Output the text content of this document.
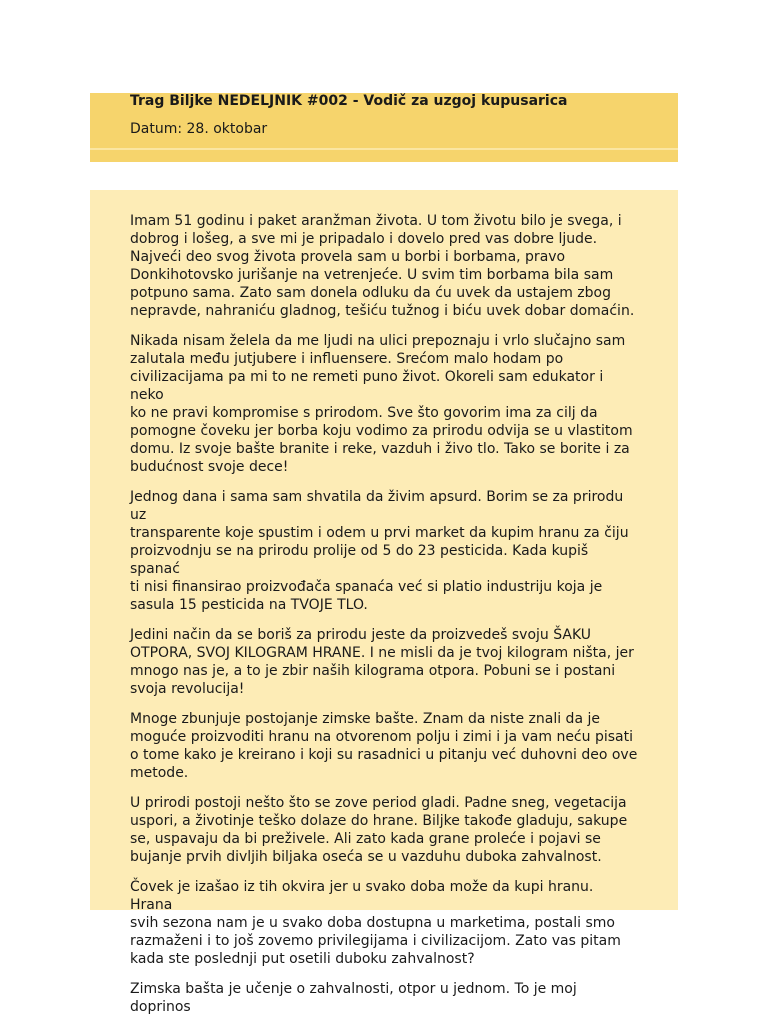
Trag Biljke NEDELJNIK #002 - Vodič za uzgoj kupusarica

Datum: 28. oktobar

Imam 51 godinu i paket aranžman života. U tom životu bilo je svega, i
dobrog i lošeg, a sve mi je pripadalo i dovelo pred vas dobre ljude.
Najveći deo svog života provela sam u borbi i borbama, pravo
Donkihotovsko jurišanje na vetrenjeće. U svim tim borbama bila sam
potpuno sama. Zato sam donela odluku da ću uvek da ustajem zbog
nepravde, nahraniću gladnog, tešiću tužnog i biću uvek dobar domaćin.

Nikada nisam želela da me ljudi na ulici prepoznaju i vrlo slučajno sam
zalutala među jutjubere i influensere. Srećom malo hodam po
civilizacijama pa mi to ne remeti puno život. Okoreli sam edukator i neko
ko ne pravi kompromise s prirodom. Sve što govorim ima za cilj da
pomogne čoveku jer borba koju vodimo za prirodu odvija se u vlastitom
domu. Iz svoje bašte branite i reke, vazduh i živo tlo. Tako se borite i za
budućnost svoje dece!

Jednog dana i sama sam shvatila da živim apsurd. Borim se za prirodu uz
transparente koje spustim i odem u prvi market da kupim hranu za čiju
proizvodnju se na prirodu prolije od 5 do 23 pesticida. Kada kupiš spanać
ti nisi finansirao proizvođača spanaća već si platio industriju koja je
sasula 15 pesticida na TVOJE TLO.

Jedini način da se boriš za prirodu jeste da proizvedeš svoju ŠAKU
OTPORA, SVOJ KILOGRAM HRANE. I ne misli da je tvoj kilogram ništa, jer
mnogo nas je, a to je zbir naših kilograma otpora. Pobuni se i postani
svoja revolucija!

Mnoge zbunjuje postojanje zimske bašte. Znam da niste znali da je
moguće proizvoditi hranu na otvorenom polju i zimi i ja vam neću pisati
o tome kako je kreirano i koji su rasadnici u pitanju već duhovni deo ove
metode.

U prirodi postoji nešto što se zove period gladi. Padne sneg, vegetacija
uspori, a životinje teško dolaze do hrane. Biljke takođe gladuju, sakupe
se, uspavaju da bi preživele. Ali zato kada grane proleće i pojavi se
bujanje prvih divljih biljaka oseća se u vazduhu duboka zahvalnost.

Čovek je izašao iz tih okvira jer u svako doba može da kupi hranu. Hrana
svih sezona nam je u svako doba dostupna u marketima, postali smo
razmaženi i to još zovemo privilegijama i civilizacijom. Zato vas pitam
kada ste poslednji put osetili duboku zahvalnost?

Zimska bašta je učenje o zahvalnosti, otpor u jednom. To je moj doprinos
